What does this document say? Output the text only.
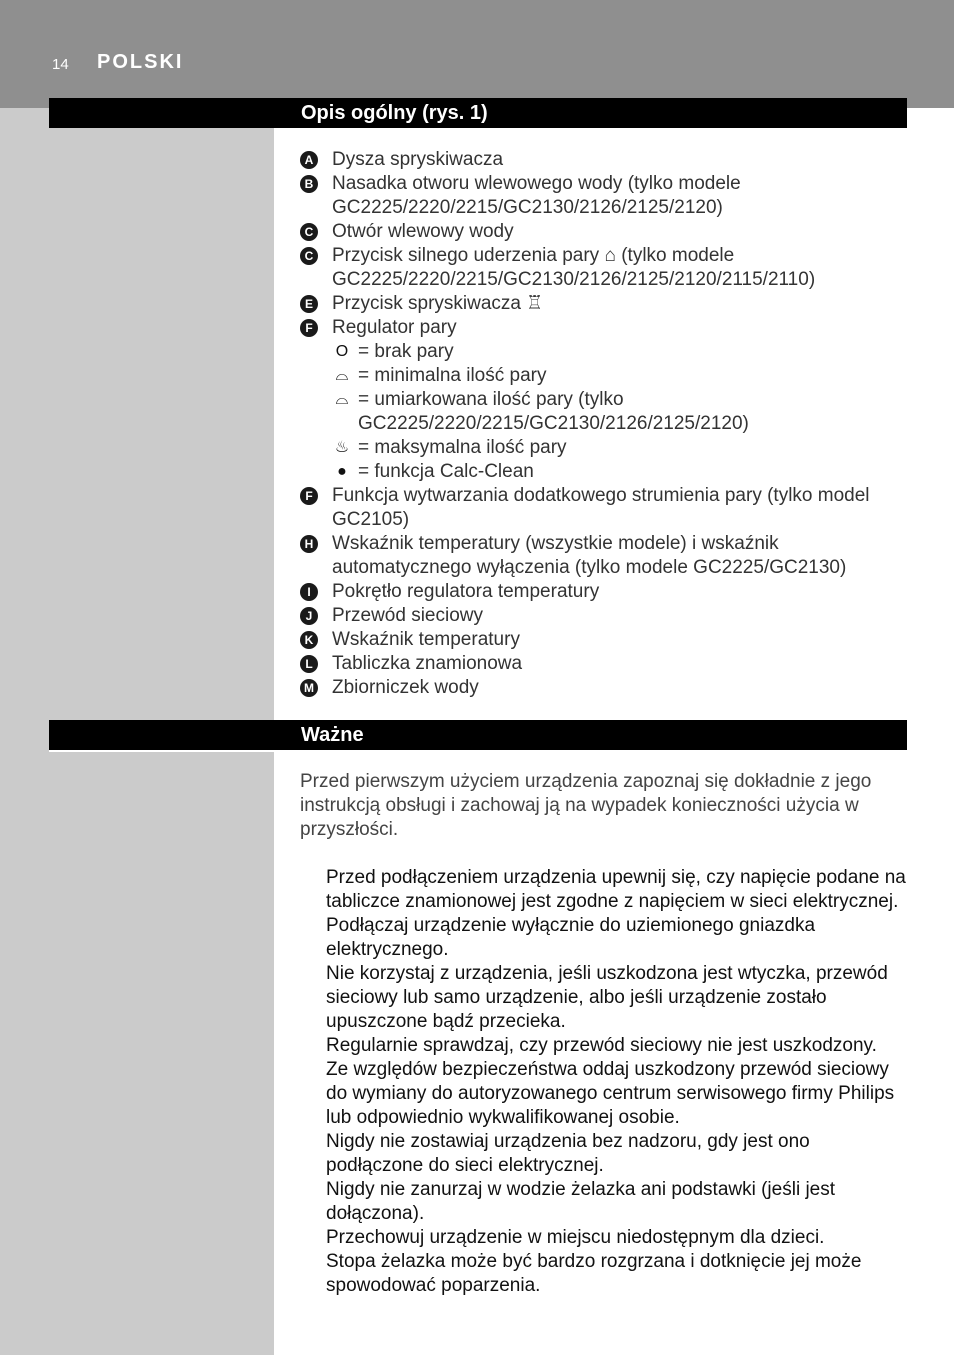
14 POLSKI
Opis ogólny (rys. 1)
A Dysza spryskiwacza
B Nasadka otworu wlewowego wody (tylko modele GC2225/2220/2215/GC2130/2126/2125/2120)
C Otwór wlewowy wody
C Przycisk silnego uderzenia pary ⌂ (tylko modele GC2225/2220/2215/GC2130/2126/2125/2120/2115/2110)
E Przycisk spryskiwacza ♖
F Regulator pary
O = brak pary
⌓ = minimalna ilość pary
⌓ = umiarkowana ilość pary (tylko GC2225/2220/2215/GC2130/2126/2125/2120)
♨ = maksymalna ilość pary
● = funkcja Calc-Clean
F Funkcja wytwarzania dodatkowego strumienia pary (tylko model GC2105)
H Wskaźnik temperatury (wszystkie modele) i wskaźnik automatycznego wyłączenia (tylko modele GC2225/GC2130)
I	Pokrętło regulatora temperatury
J Przewód sieciowy
K Wskaźnik temperatury
L Tabliczka znamionowa
M Zbiorniczek wody
Ważne
Przed pierwszym użyciem urządzenia zapoznaj się dokładnie z jego instrukcją obsługi i zachowaj ją na wypadek konieczności użycia w przyszłości.

Przed podłączeniem urządzenia upewnij się, czy napięcie podane na tabliczce znamionowej jest zgodne z napięciem w sieci elektrycznej.

Podłączaj urządzenie wyłącznie do uziemionego gniazdka elektrycznego.

Nie korzystaj z urządzenia, jeśli uszkodzona jest wtyczka, przewód sieciowy lub samo urządzenie, albo jeśli urządzenie zostało upuszczone bądź przecieka.

Regularnie sprawdzaj, czy przewód sieciowy nie jest uszkodzony.

Ze względów bezpieczeństwa oddaj uszkodzony przewód sieciowy do wymiany do autoryzowanego centrum serwisowego firmy Philips lub odpowiednio wykwalifikowanej osobie.

Nigdy nie zostawiaj urządzenia bez nadzoru, gdy jest ono podłączone do sieci elektrycznej.

Nigdy nie zanurzaj w wodzie żelazka ani podstawki (jeśli jest dołączona).

Przechowuj urządzenie w miejscu niedostępnym dla dzieci.

Stopa żelazka może być bardzo rozgrzana i dotknięcie jej może spowodować poparzenia.
